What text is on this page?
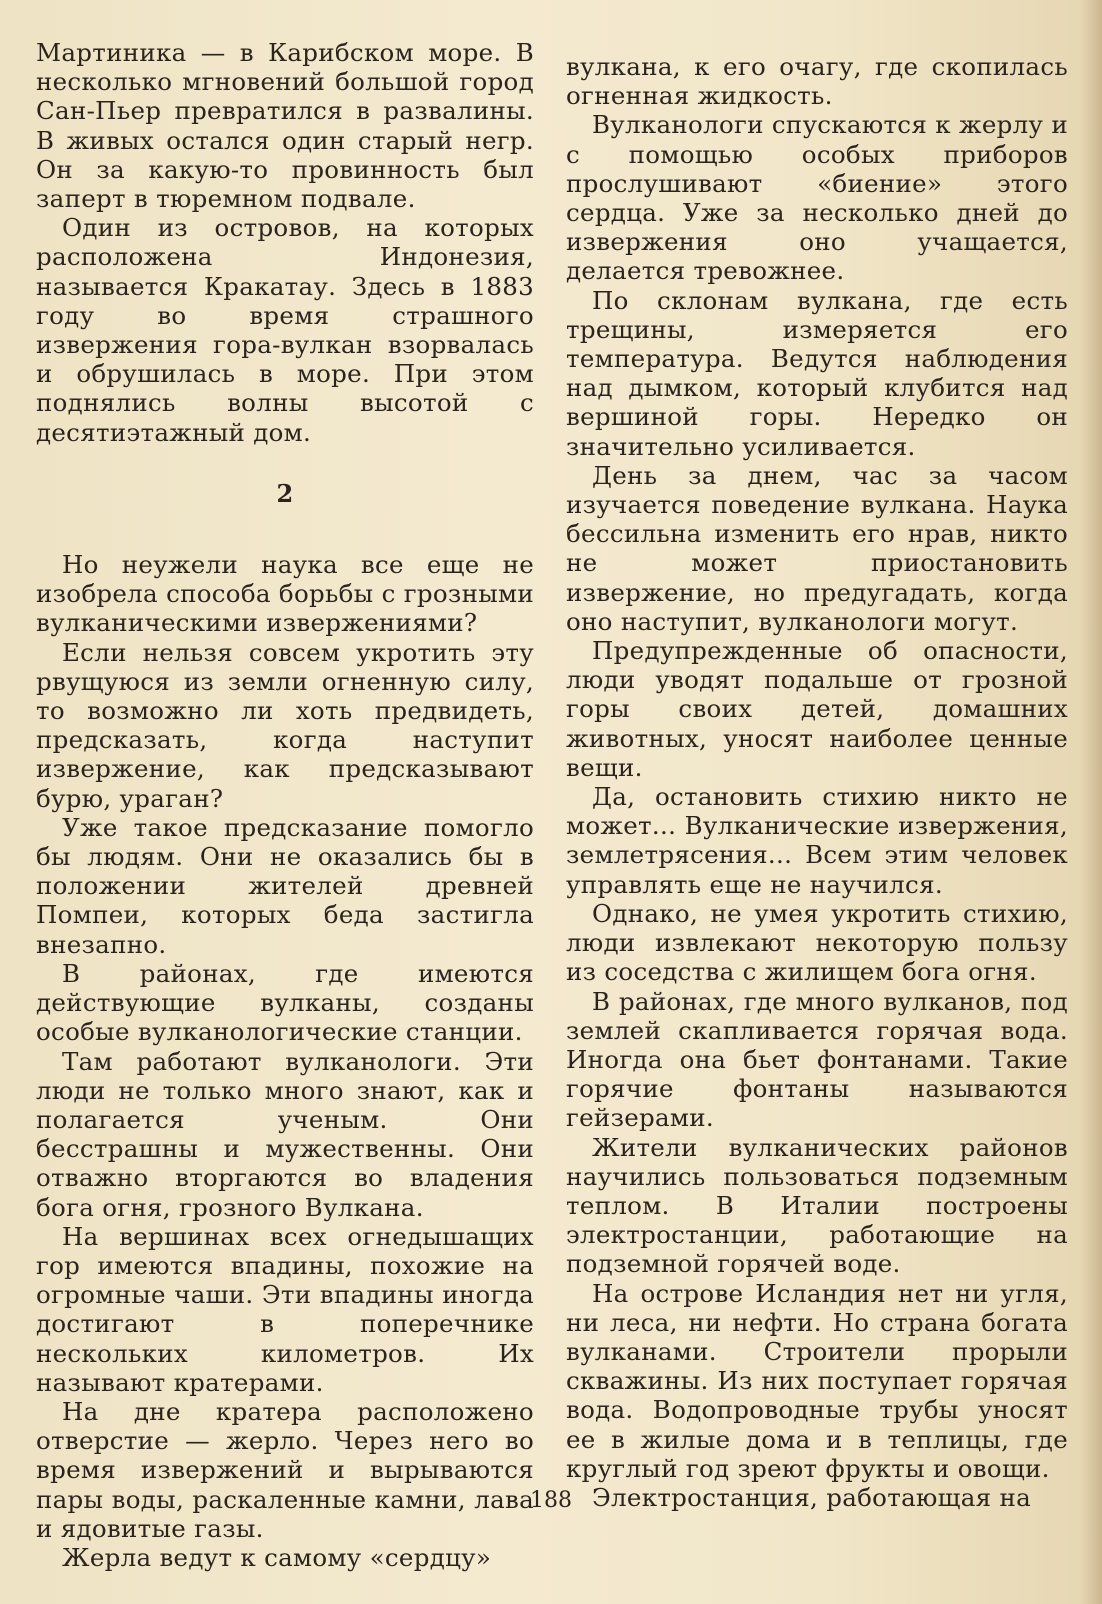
Мартиника — в Карибском море. В несколько мгновений большой город Сан-Пьер превратился в развалины. В живых остался один старый негр. Он за какую-то провинность был заперт в тюремном подвале.

Один из островов, на которых расположена Индонезия, называется Кракатау. Здесь в 1883 году во время страшного извержения гора-вулкан взорвалась и обрушилась в море. При этом поднялись волны высотой с десятиэтажный дом.

2

Но неужели наука все еще не изобрела способа борьбы с грозными вулканическими извержениями?

Если нельзя совсем укротить эту рвущуюся из земли огненную силу, то возможно ли хоть предвидеть, предсказать, когда наступит извержение, как предсказывают бурю, ураган?

Уже такое предсказание помогло бы людям. Они не оказались бы в положении жителей древней Помпеи, которых беда застигла внезапно.

В районах, где имеются действующие вулканы, созданы особые вулканологические станции.

Там работают вулканологи. Эти люди не только много знают, как и полагается ученым. Они бесстрашны и мужественны. Они отважно вторгаются во владения бога огня, грозного Вулкана.

На вершинах всех огнедышащих гор имеются впадины, похожие на огромные чаши. Эти впадины иногда достигают в поперечнике нескольких километров. Их называют кратерами.

На дне кратера расположено отверстие — жерло. Через него во время извержений и вырываются пары воды, раскаленные камни, лава и ядовитые газы.

Жерла ведут к самому «сердцу»

вулкана, к его очагу, где скопилась огненная жидкость.

Вулканологи спускаются к жерлу и с помощью особых приборов прослушивают «биение» этого сердца. Уже за несколько дней до извержения оно учащается, делается тревожнее.

По склонам вулкана, где есть трещины, измеряется его температура. Ведутся наблюдения над дымком, который клубится над вершиной горы. Нередко он значительно усиливается.

День за днем, час за часом изучается поведение вулкана. Наука бессильна изменить его нрав, никто не может приостановить извержение, но предугадать, когда оно наступит, вулканологи могут.

Предупрежденные об опасности, люди уводят подальше от грозной горы своих детей, домашних животных, уносят наиболее ценные вещи.

Да, остановить стихию никто не может... Вулканические извержения, землетрясения... Всем этим человек управлять еще не научился.

Однако, не умея укротить стихию, люди извлекают некоторую пользу из соседства с жилищем бога огня.

В районах, где много вулканов, под землей скапливается горячая вода. Иногда она бьет фонтанами. Такие горячие фонтаны называются гейзерами.

Жители вулканических районов научились пользоваться подземным теплом. В Италии построены электростанции, работающие на подземной горячей воде.

На острове Исландия нет ни угля, ни леса, ни нефти. Но страна богата вулканами. Строители прорыли скважины. Из них поступает горячая вода. Водопроводные трубы уносят ее в жилые дома и в теплицы, где круглый год зреют фрукты и овощи.

Электростанция, работающая на

188
